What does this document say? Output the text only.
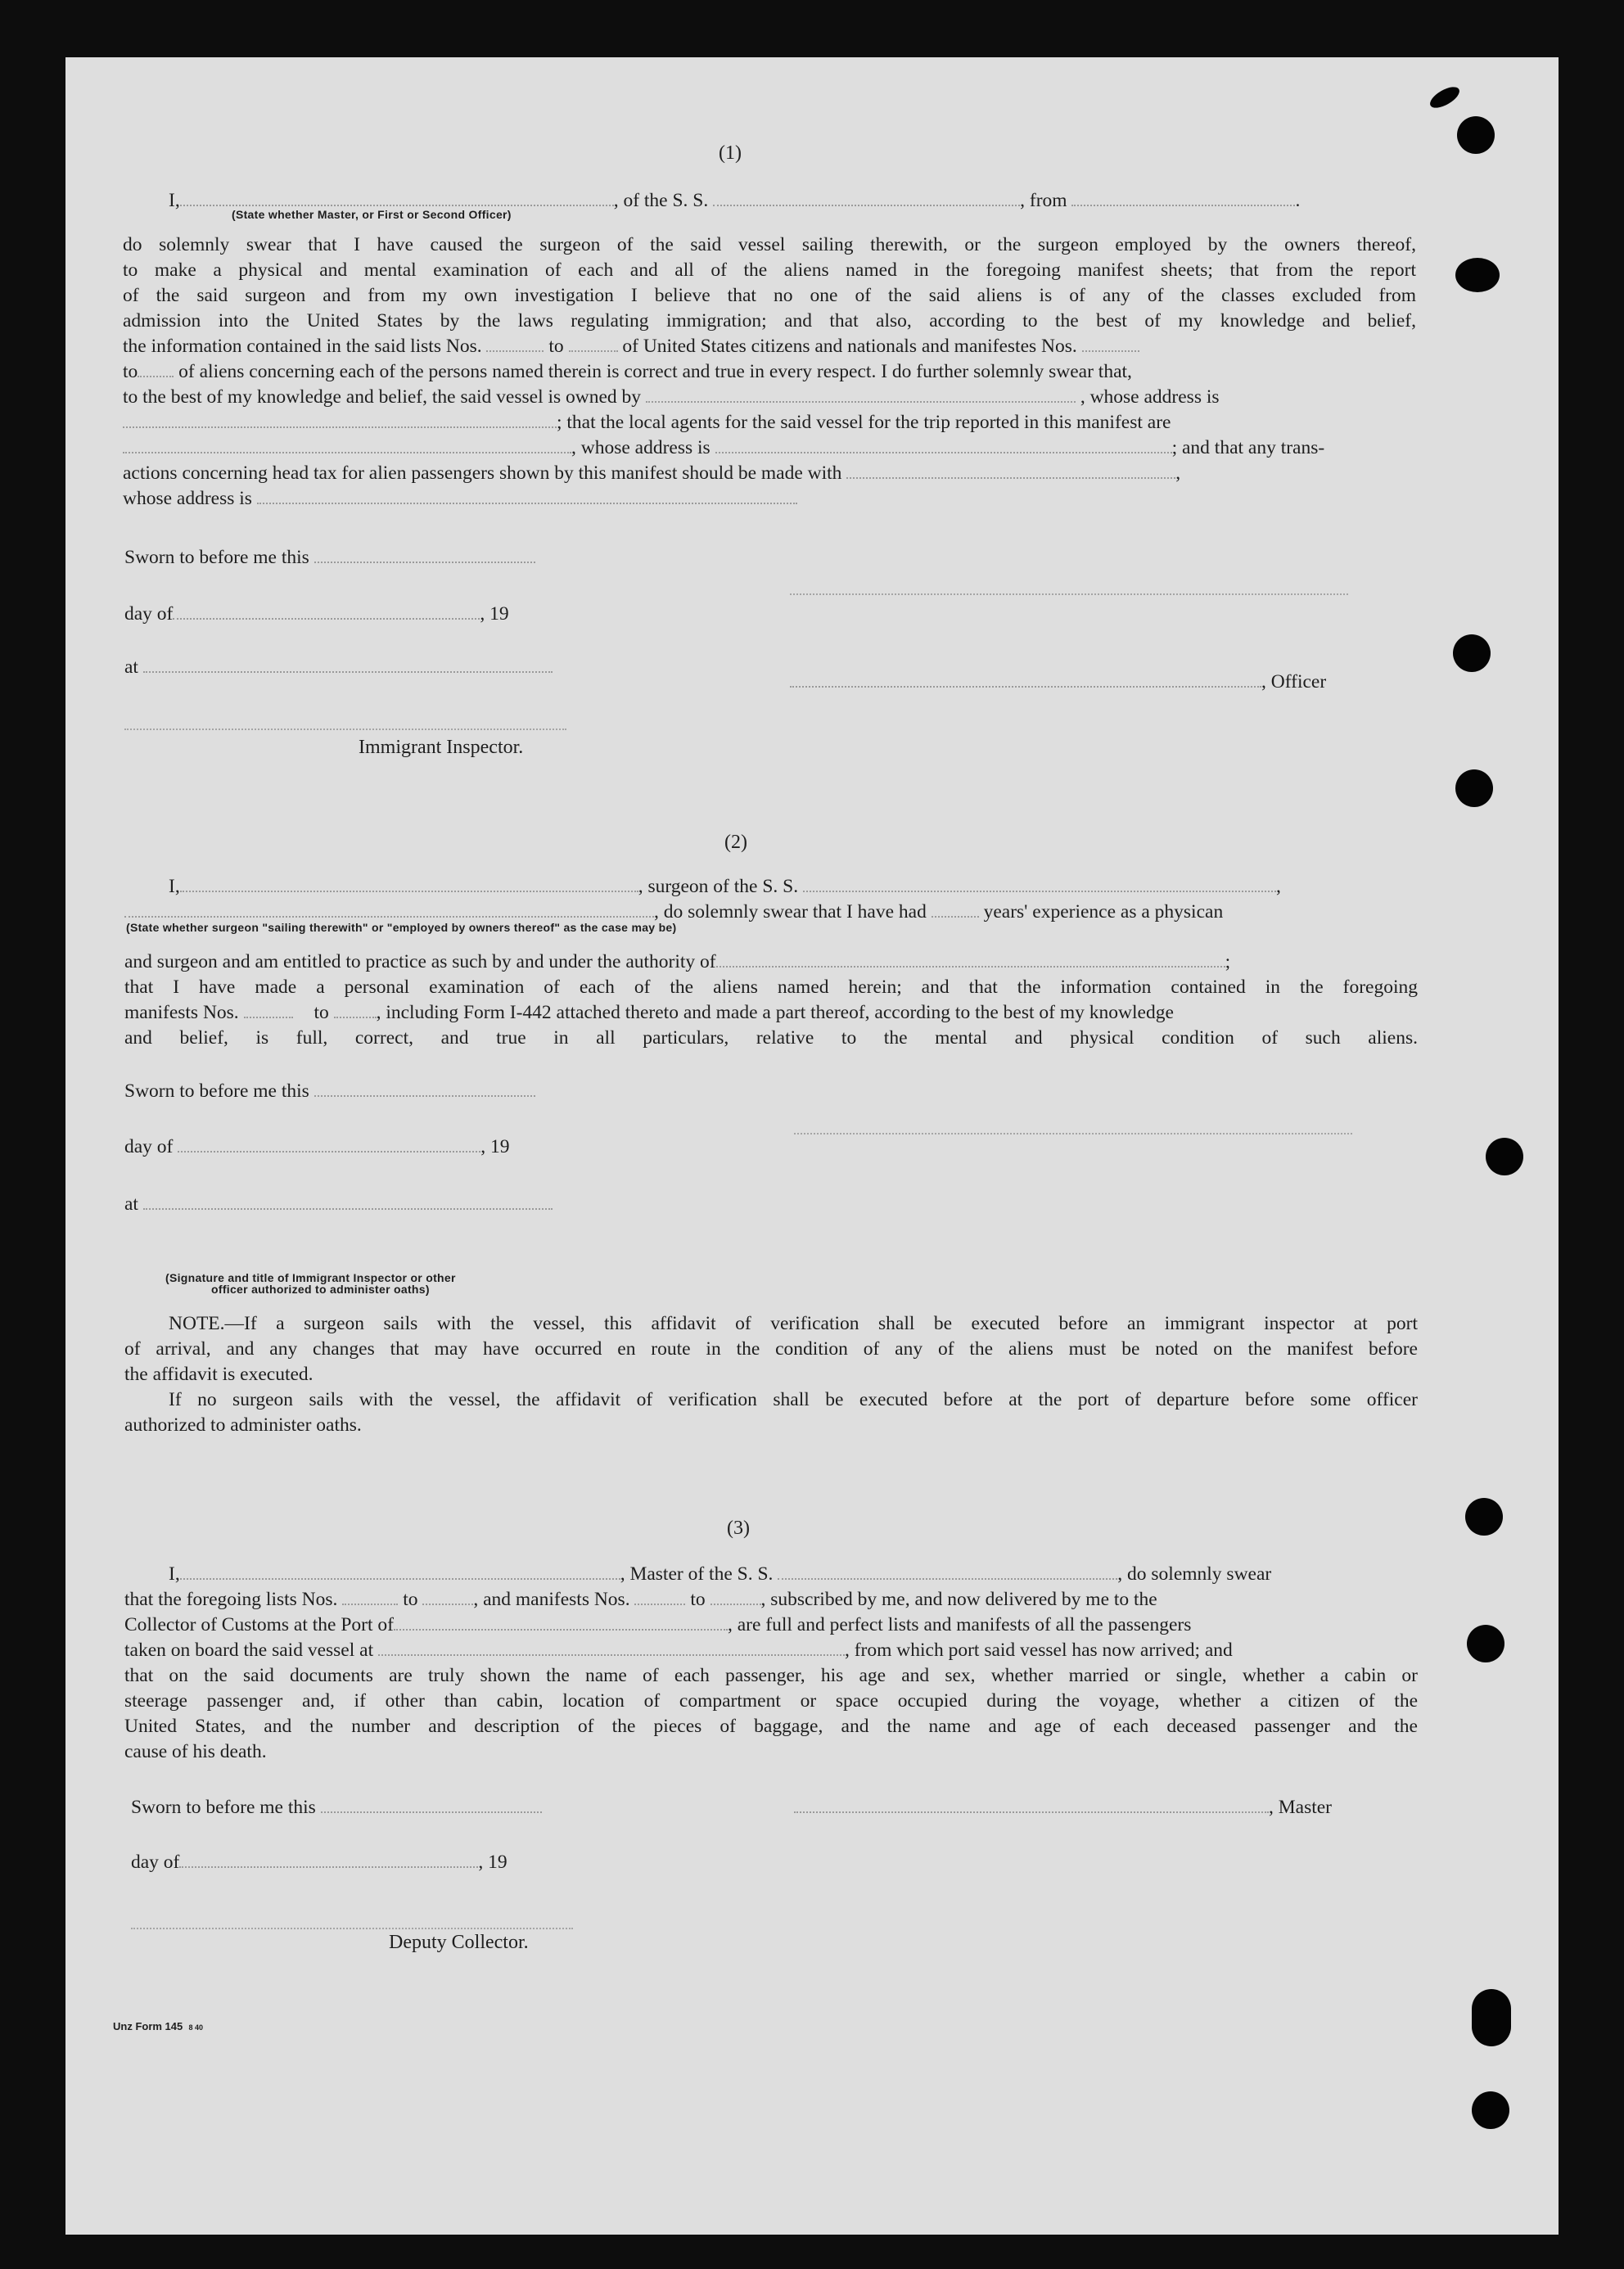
(1)
I,	, of the S. S.	, from	.
(State whether Master, or First or Second Officer)
do solemnly swear that I have caused the surgeon of the said vessel sailing therewith, or the surgeon employed by the owners thereof,
to make a physical and mental examination of each and all of the aliens named in the foregoing manifest sheets; that from the report
of the said surgeon and from my own investigation I believe that no one of the said aliens is of any of the classes excluded from
admission into the United States by the laws regulating immigration; and that also, according to the best of my knowledge and belief,
the information contained in the said lists Nos.	to	of United States citizens and nationals and manifestes Nos.
to of aliens concerning each of the persons named therein is correct and true in every respect. I do further solemnly swear that,
to the best of my knowledge and belief, the said vessel is owned by	, whose address is
; that the local agents for the said vessel for the trip reported in this manifest are
, whose address is	; and that any trans-
actions concerning head tax for alien passengers shown by this manifest should be made with	,
whose address is
Sworn to before me this
day of	, 19
at
, Officer
Immigrant Inspector.
(2)
I,	, surgeon of the S. S.	,
, do solemnly swear that I have had	years' experience as a physican
(State whether surgeon "sailing therewith" or "employed by owners thereof" as the case may be)
and surgeon and am entitled to practice as such by and under the authority of	;
that I have made a personal examination of each of the aliens named herein; and that the information contained in the foregoing
manifests Nos.	to , including Form I-442 attached thereto and made a part thereof, according to the best of my knowledge
and belief, is full, correct, and true in all particulars, relative to the mental and physical condition of such aliens.
Sworn to before me this
day of	, 19
at
(Signature and title of Immigrant Inspector or other
officer authorized to administer oaths)
NOTE.—If a surgeon sails with the vessel, this affidavit of verification shall be executed before an immigrant inspector at port
of arrival, and any changes that may have occurred en route in the condition of any of the aliens must be noted on the manifest before
the affidavit is executed.
If no surgeon sails with the vessel, the affidavit of verification shall be executed before at the port of departure before some officer
authorized to administer oaths.
(3)
I,	, Master of the S. S.	, do solemnly swear
that the foregoing lists Nos.	to	, and manifests Nos.	to	, subscribed by me, and now delivered by me to the
Collector of Customs at the Port of	, are full and perfect lists and manifests of all the passengers
taken on board the said vessel at	, from which port said vessel has now arrived; and
that on the said documents are truly shown the name of each passenger, his age and sex, whether married or single, whether a cabin or
steerage passenger and, if other than cabin, location of compartment or space occupied during the voyage, whether a citizen of the
United States, and the number and description of the pieces of baggage, and the name and age of each deceased passenger and the
cause of his death.
Sworn to before me this	, Master
day of	, 19
Deputy Collector.
Unz Form 145 8 40
